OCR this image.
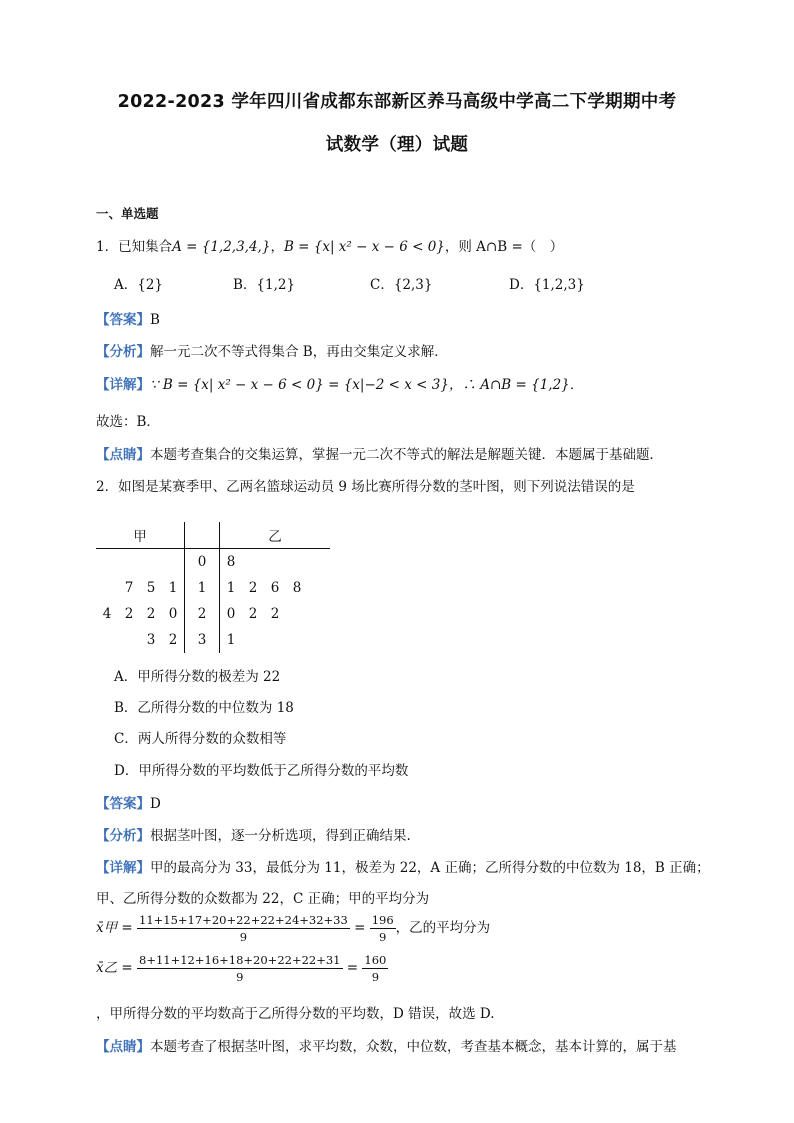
2022-2023 学年四川省成都东部新区养马高级中学高二下学期期中考
试数学（理）试题
一、单选题
1．已知集合A = {1,2,3,4,}，B = {x| x² − x − 6 < 0}，则 A∩B =（　）
A．{2}	B．{1,2}	C．{2,3}	D．{1,2,3}
【答案】B
【分析】解一元二次不等式得集合 B，再由交集定义求解．
【详解】∵ B = {x| x² − x − 6 < 0} = {x|−2 < x < 3}，∴ A∩B = {1,2}．
故选：B．
【点睛】本题考查集合的交集运算，掌握一元二次不等式的解法是解题关键．本题属于基础题．
2．如图是某赛季甲、乙两名篮球运动员 9 场比赛所得分数的茎叶图，则下列说法错误的是
甲					乙				
				0	8				
	7	5	1	1	1	2	6	8	
4	2	2	0	2	0	2	2		
		3	2	3	1				
A．甲所得分数的极差为 22
B．乙所得分数的中位数为 18
C．两人所得分数的众数相等
D．甲所得分数的平均数低于乙所得分数的平均数
【答案】D
【分析】根据茎叶图，逐一分析选项，得到正确结果.
【详解】甲的最高分为 33，最低分为 11，极差为 22，A 正确；乙所得分数的中位数为 18，B 正确；
甲、乙所得分数的众数都为 22，C 正确；甲的平均分为
x̄甲 = $\frac{11+15+17+20+22+22+24+32+33}{9} = \frac{196}{9}$ ，乙的平均分为
x̄乙 = $\frac{8+11+12+16+18+20+22+22+31}{9} = \frac{160}{9}$
，甲所得分数的平均数高于乙所得分数的平均数，D 错误，故选 D.
【点睛】本题考查了根据茎叶图，求平均数，众数，中位数，考查基本概念，基本计算的，属于基
